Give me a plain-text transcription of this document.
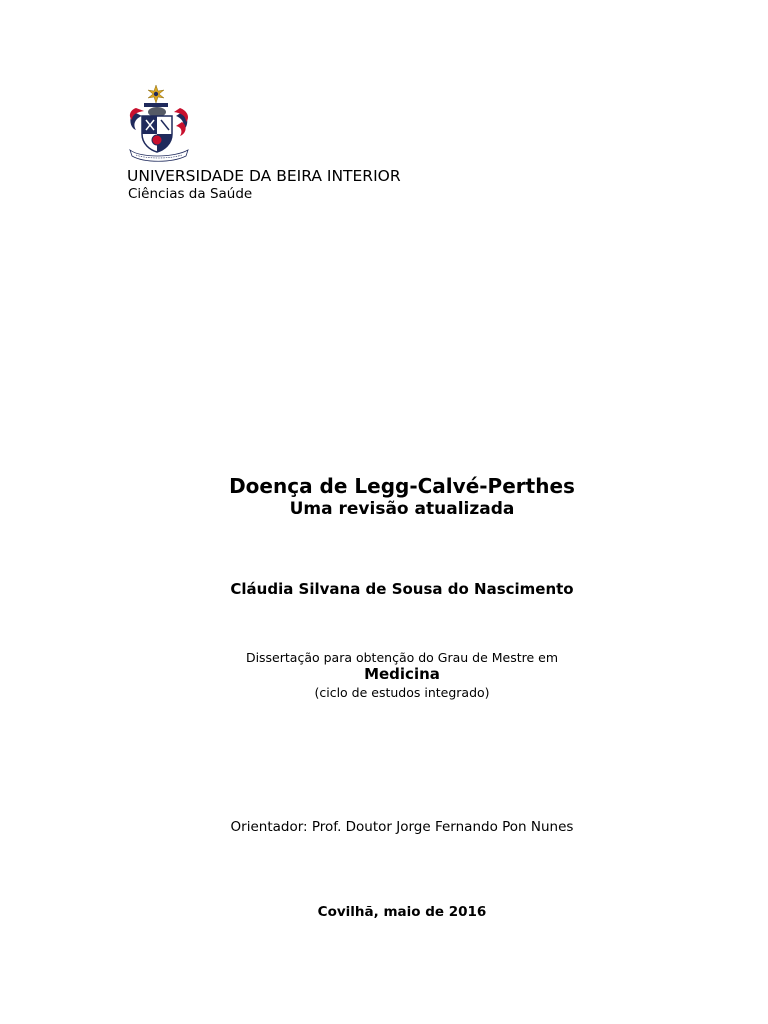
UNIVERSIDADE DA BEIRA INTERIOR
Ciências da Saúde
Doença de Legg-Calvé-Perthes
Uma revisão atualizada
Cláudia Silvana de Sousa do Nascimento
Dissertação para obtenção do Grau de Mestre em
Medicina
(ciclo de estudos integrado)
Orientador: Prof. Doutor Jorge Fernando Pon Nunes
Covilhã, maio de 2016
